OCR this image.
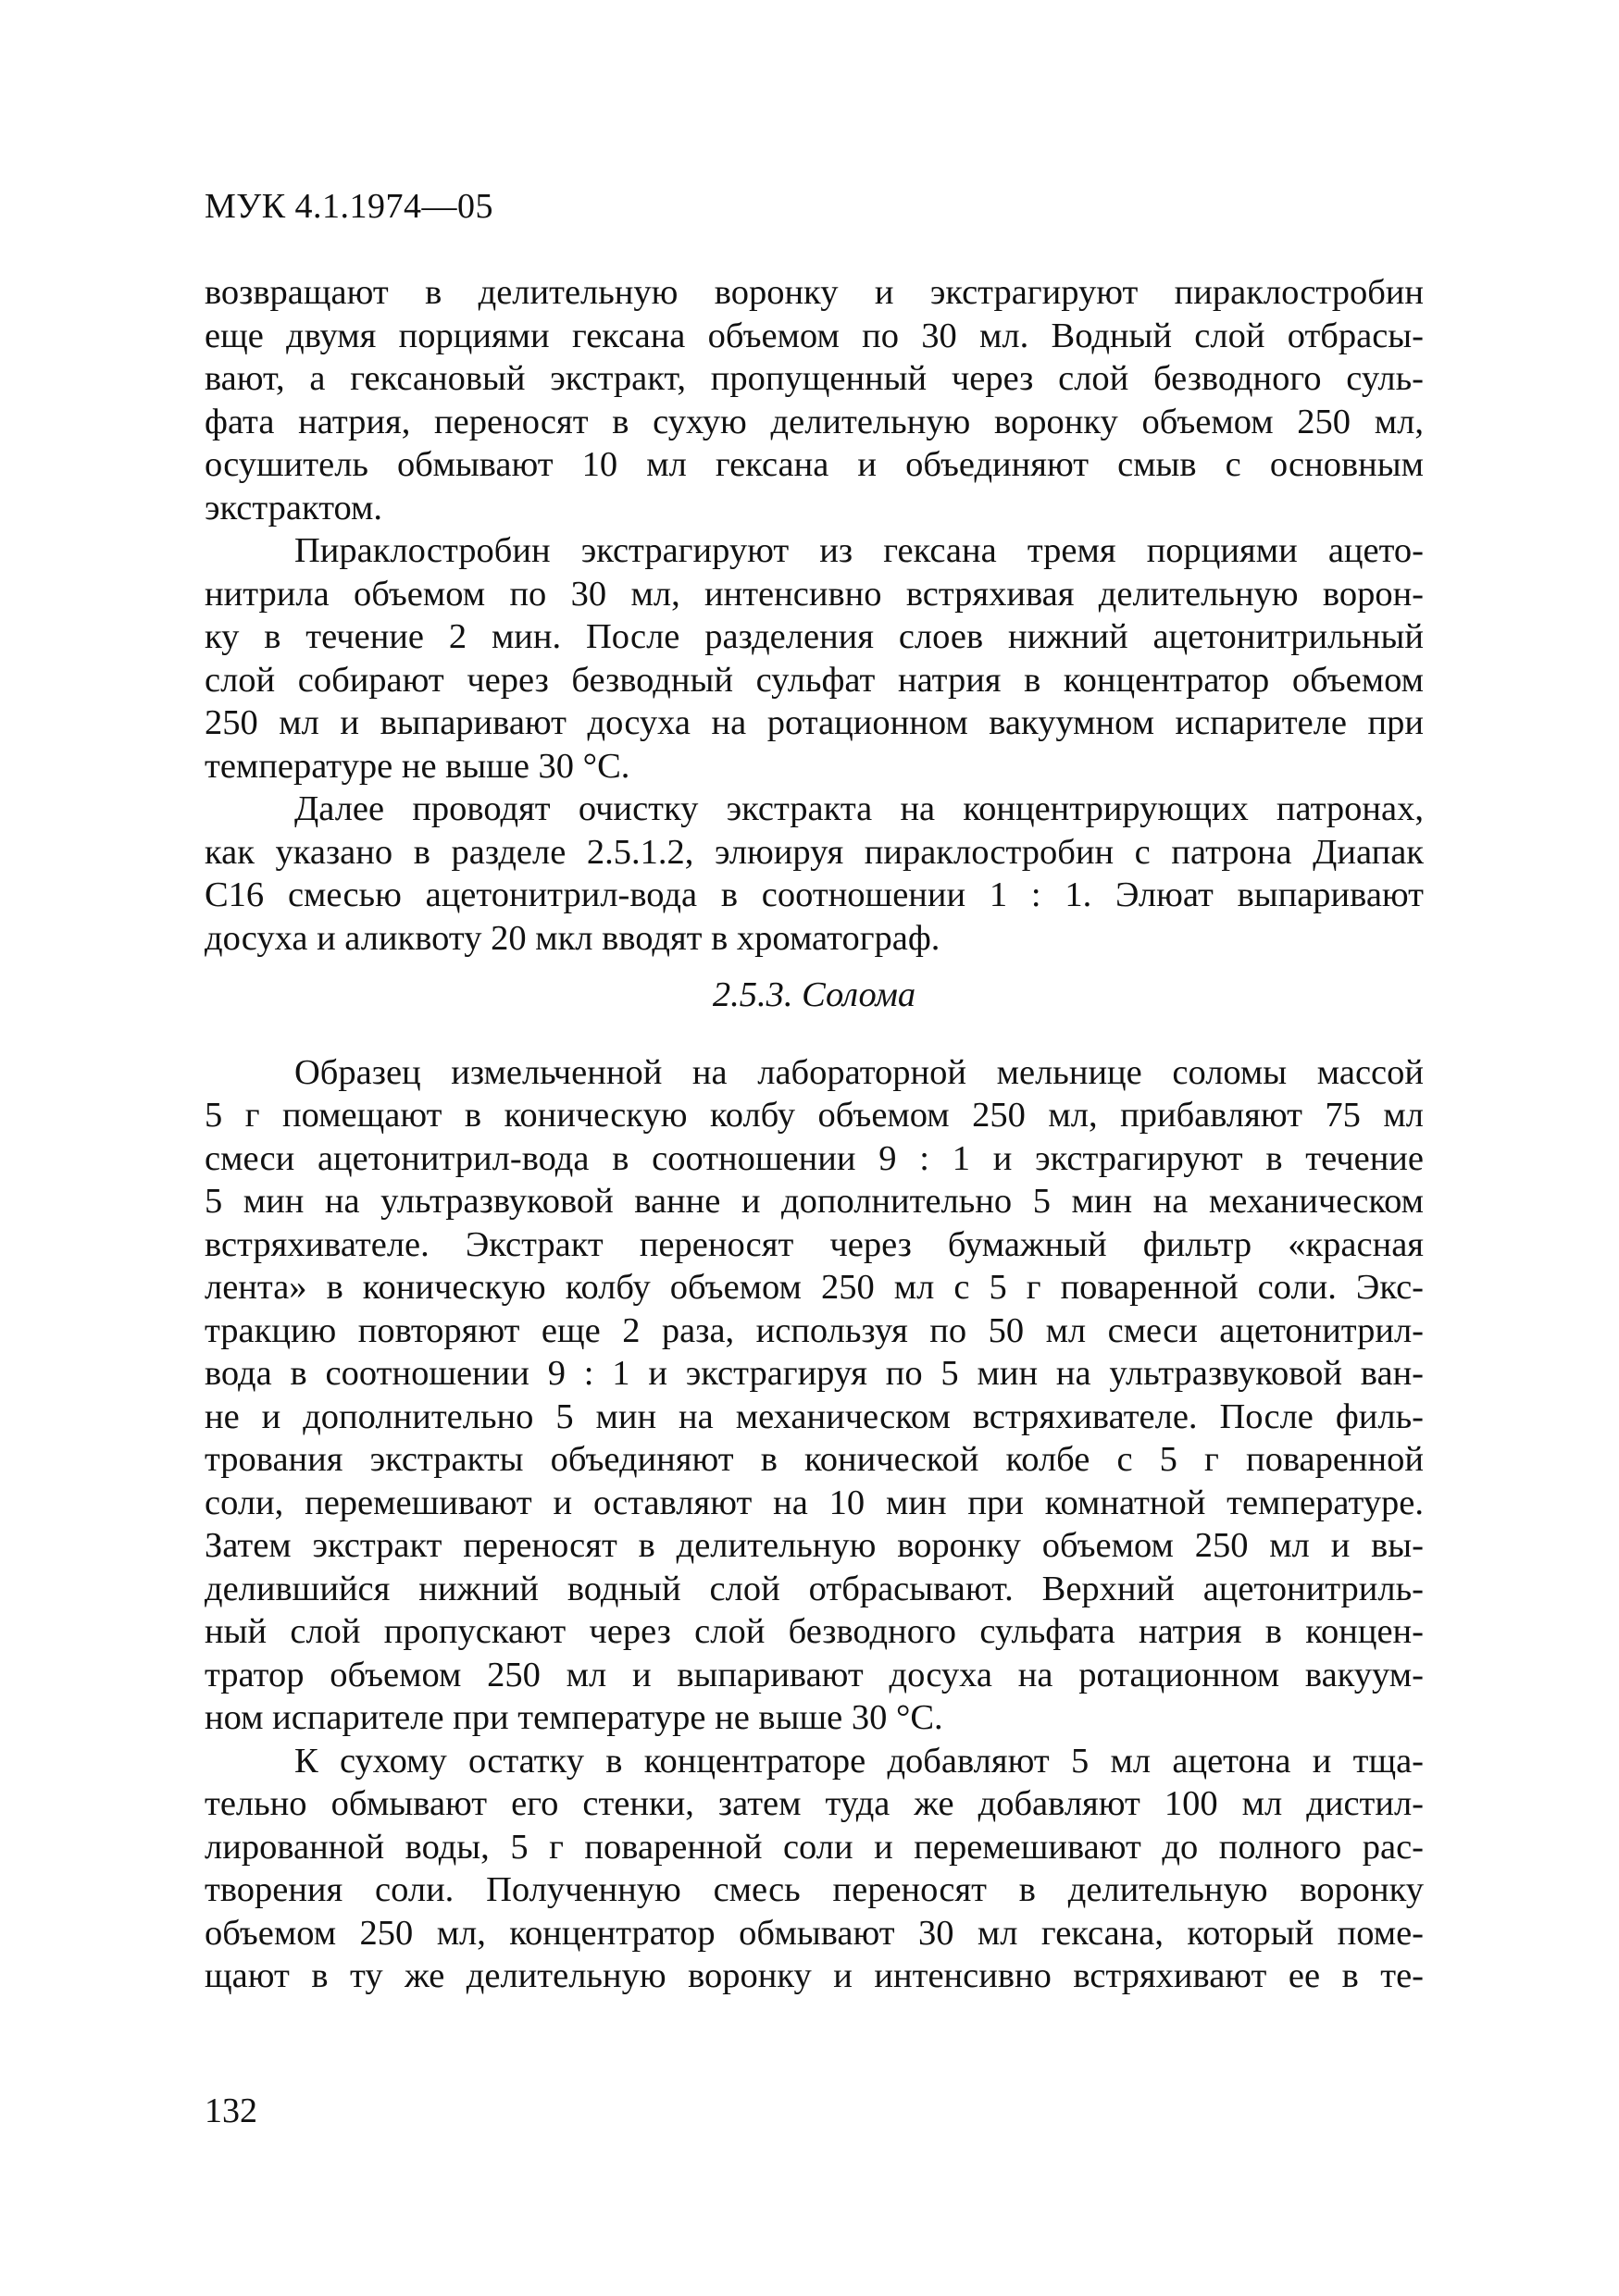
МУК 4.1.1974—05
возвращают в делительную воронку и экстрагируют пираклостробин
еще двумя порциями гексана объемом по 30 мл. Водный слой отбрасы-
вают, а гексановый экстракт, пропущенный через слой безводного суль-
фата натрия, переносят в сухую делительную воронку объемом 250 мл,
осушитель обмывают 10 мл гексана и объединяют смыв с основным
экстрактом.
Пираклостробин экстрагируют из гексана тремя порциями ацето-
нитрила объемом по 30 мл, интенсивно встряхивая делительную ворон-
ку в течение 2 мин. После разделения слоев нижний ацетонитрильный
слой собирают через безводный сульфат натрия в концентратор объемом
250 мл и выпаривают досуха на ротационном вакуумном испарителе при
температуре не выше 30 °С.
Далее проводят очистку экстракта на концентрирующих патронах,
как указано в разделе 2.5.1.2, элюируя пираклостробин с патрона Диапак
С16 смесью ацетонитрил-вода в соотношении 1 : 1. Элюат выпаривают
досуха и аликвоту 20 мкл вводят в хроматограф.
2.5.3. Солома
Образец измельченной на лабораторной мельнице соломы массой
5 г помещают в коническую колбу объемом 250 мл, прибавляют 75 мл
смеси ацетонитрил-вода в соотношении 9 : 1 и экстрагируют в течение
5 мин на ультразвуковой ванне и дополнительно 5 мин на механическом
встряхивателе. Экстракт переносят через бумажный фильтр «красная
лента» в коническую колбу объемом 250 мл с 5 г поваренной соли. Экс-
тракцию повторяют еще 2 раза, используя по 50 мл смеси ацетонитрил-
вода в соотношении 9 : 1 и экстрагируя по 5 мин на ультразвуковой ван-
не и дополнительно 5 мин на механическом встряхивателе. После филь-
трования экстракты объединяют в конической колбе с 5 г поваренной
соли, перемешивают и оставляют на 10 мин при комнатной температуре.
Затем экстракт переносят в делительную воронку объемом 250 мл и вы-
делившийся нижний водный слой отбрасывают. Верхний ацетонитриль-
ный слой пропускают через слой безводного сульфата натрия в концен-
тратор объемом 250 мл и выпаривают досуха на ротационном вакуум-
ном испарителе при температуре не выше 30 °С.
К сухому остатку в концентраторе добавляют 5 мл ацетона и тща-
тельно обмывают его стенки, затем туда же добавляют 100 мл дистил-
лированной воды, 5 г поваренной соли и перемешивают до полного рас-
творения соли. Полученную смесь переносят в делительную воронку
объемом 250 мл, концентратор обмывают 30 мл гексана, который поме-
щают в ту же делительную воронку и интенсивно встряхивают ее в те-
132
